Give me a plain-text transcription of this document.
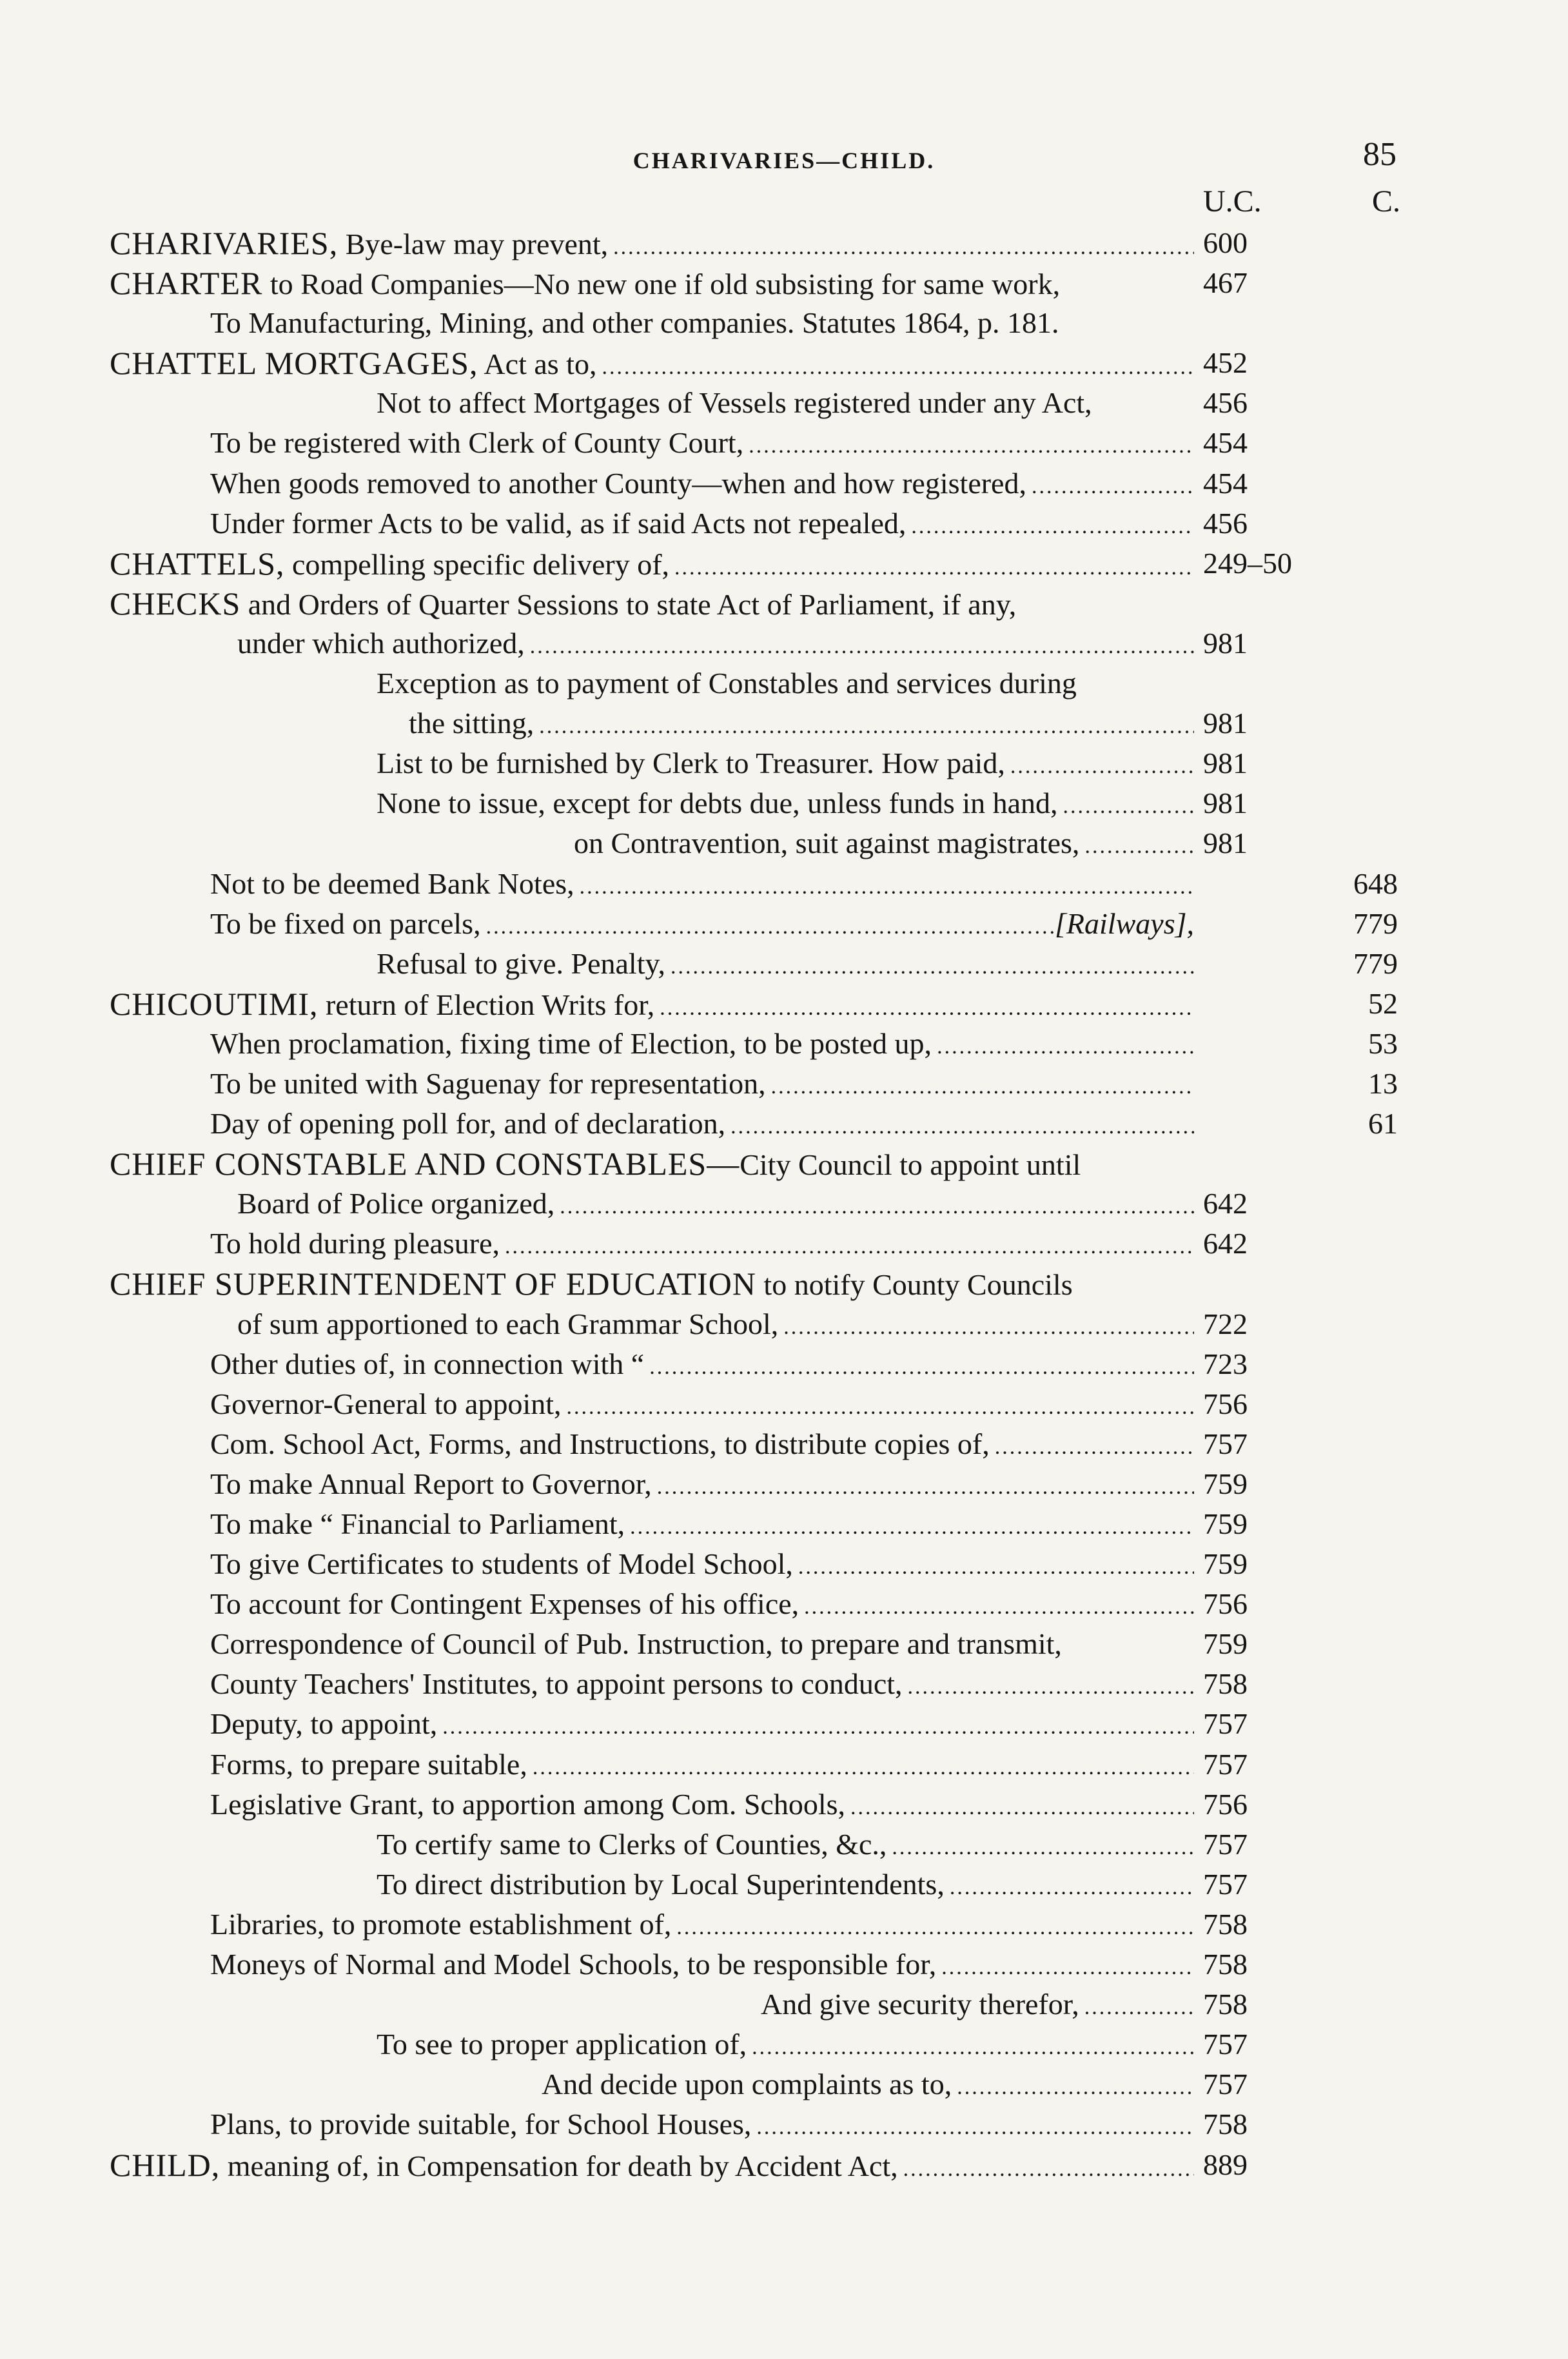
CHARIVARIES—CHILD.	85
U.C.	C.
CHARIVARIES, Bye-law may prevent, .....	600
CHARTER to Road Companies—No new one if old subsisting for same work,	467
To Manufacturing, Mining, and other companies. Statutes 1864, p. 181.
CHATTEL MORTGAGES, Act as to, .....	452
Not to affect Mortgages of Vessels registered under any Act,	456
To be registered with Clerk of County Court, .....	454
When goods removed to another County—when and how registered, .....	454
Under former Acts to be valid, as if said Acts not repealed, .....	456
CHATTELS, compelling specific delivery of, .....	249–50
CHECKS and Orders of Quarter Sessions to state Act of Parliament, if any,
under which authorized, .....	981
Exception as to payment of Constables and services during
the sitting, .....	981
List to be furnished by Clerk to Treasurer. How paid, .....	981
None to issue, except for debts due, unless funds in hand, .....	981
on Contravention, suit against magistrates, .....	981
Not to be deemed Bank Notes, .....	648
To be fixed on parcels, .....	[Railways],	779
Refusal to give. Penalty, .....	779
CHICOUTIMI, return of Election Writs for, .....	52
When proclamation, fixing time of Election, to be posted up, .....	53
To be united with Saguenay for representation, .....	13
Day of opening poll for, and of declaration, .....	61
CHIEF CONSTABLE AND CONSTABLES—City Council to appoint until
Board of Police organized, .....	642
To hold during pleasure, .....	642
CHIEF SUPERINTENDENT OF EDUCATION to notify County Councils
of sum apportioned to each Grammar School, .....	722
Other duties of, in connection with “ .....	723
Governor-General to appoint, .....	756
Com. School Act, Forms, and Instructions, to distribute copies of, .....	757
To make Annual Report to Governor, .....	759
To make “ Financial to Parliament, .....	759
To give Certificates to students of Model School, .....	759
To account for Contingent Expenses of his office, .....	756
Correspondence of Council of Pub. Instruction, to prepare and transmit,	759
County Teachers' Institutes, to appoint persons to conduct, .....	758
Deputy, to appoint, .....	757
Forms, to prepare suitable, .....	757
Legislative Grant, to apportion among Com. Schools, .....	756
To certify same to Clerks of Counties, &c., .....	757
To direct distribution by Local Superintendents, .....	757
Libraries, to promote establishment of, .....	758
Moneys of Normal and Model Schools, to be responsible for, .....	758
And give security therefor, .....	758
To see to proper application of, .....	757
And decide upon complaints as to, .....	757
Plans, to provide suitable, for School Houses, .....	758
CHILD, meaning of, in Compensation for death by Accident Act, .....	889
